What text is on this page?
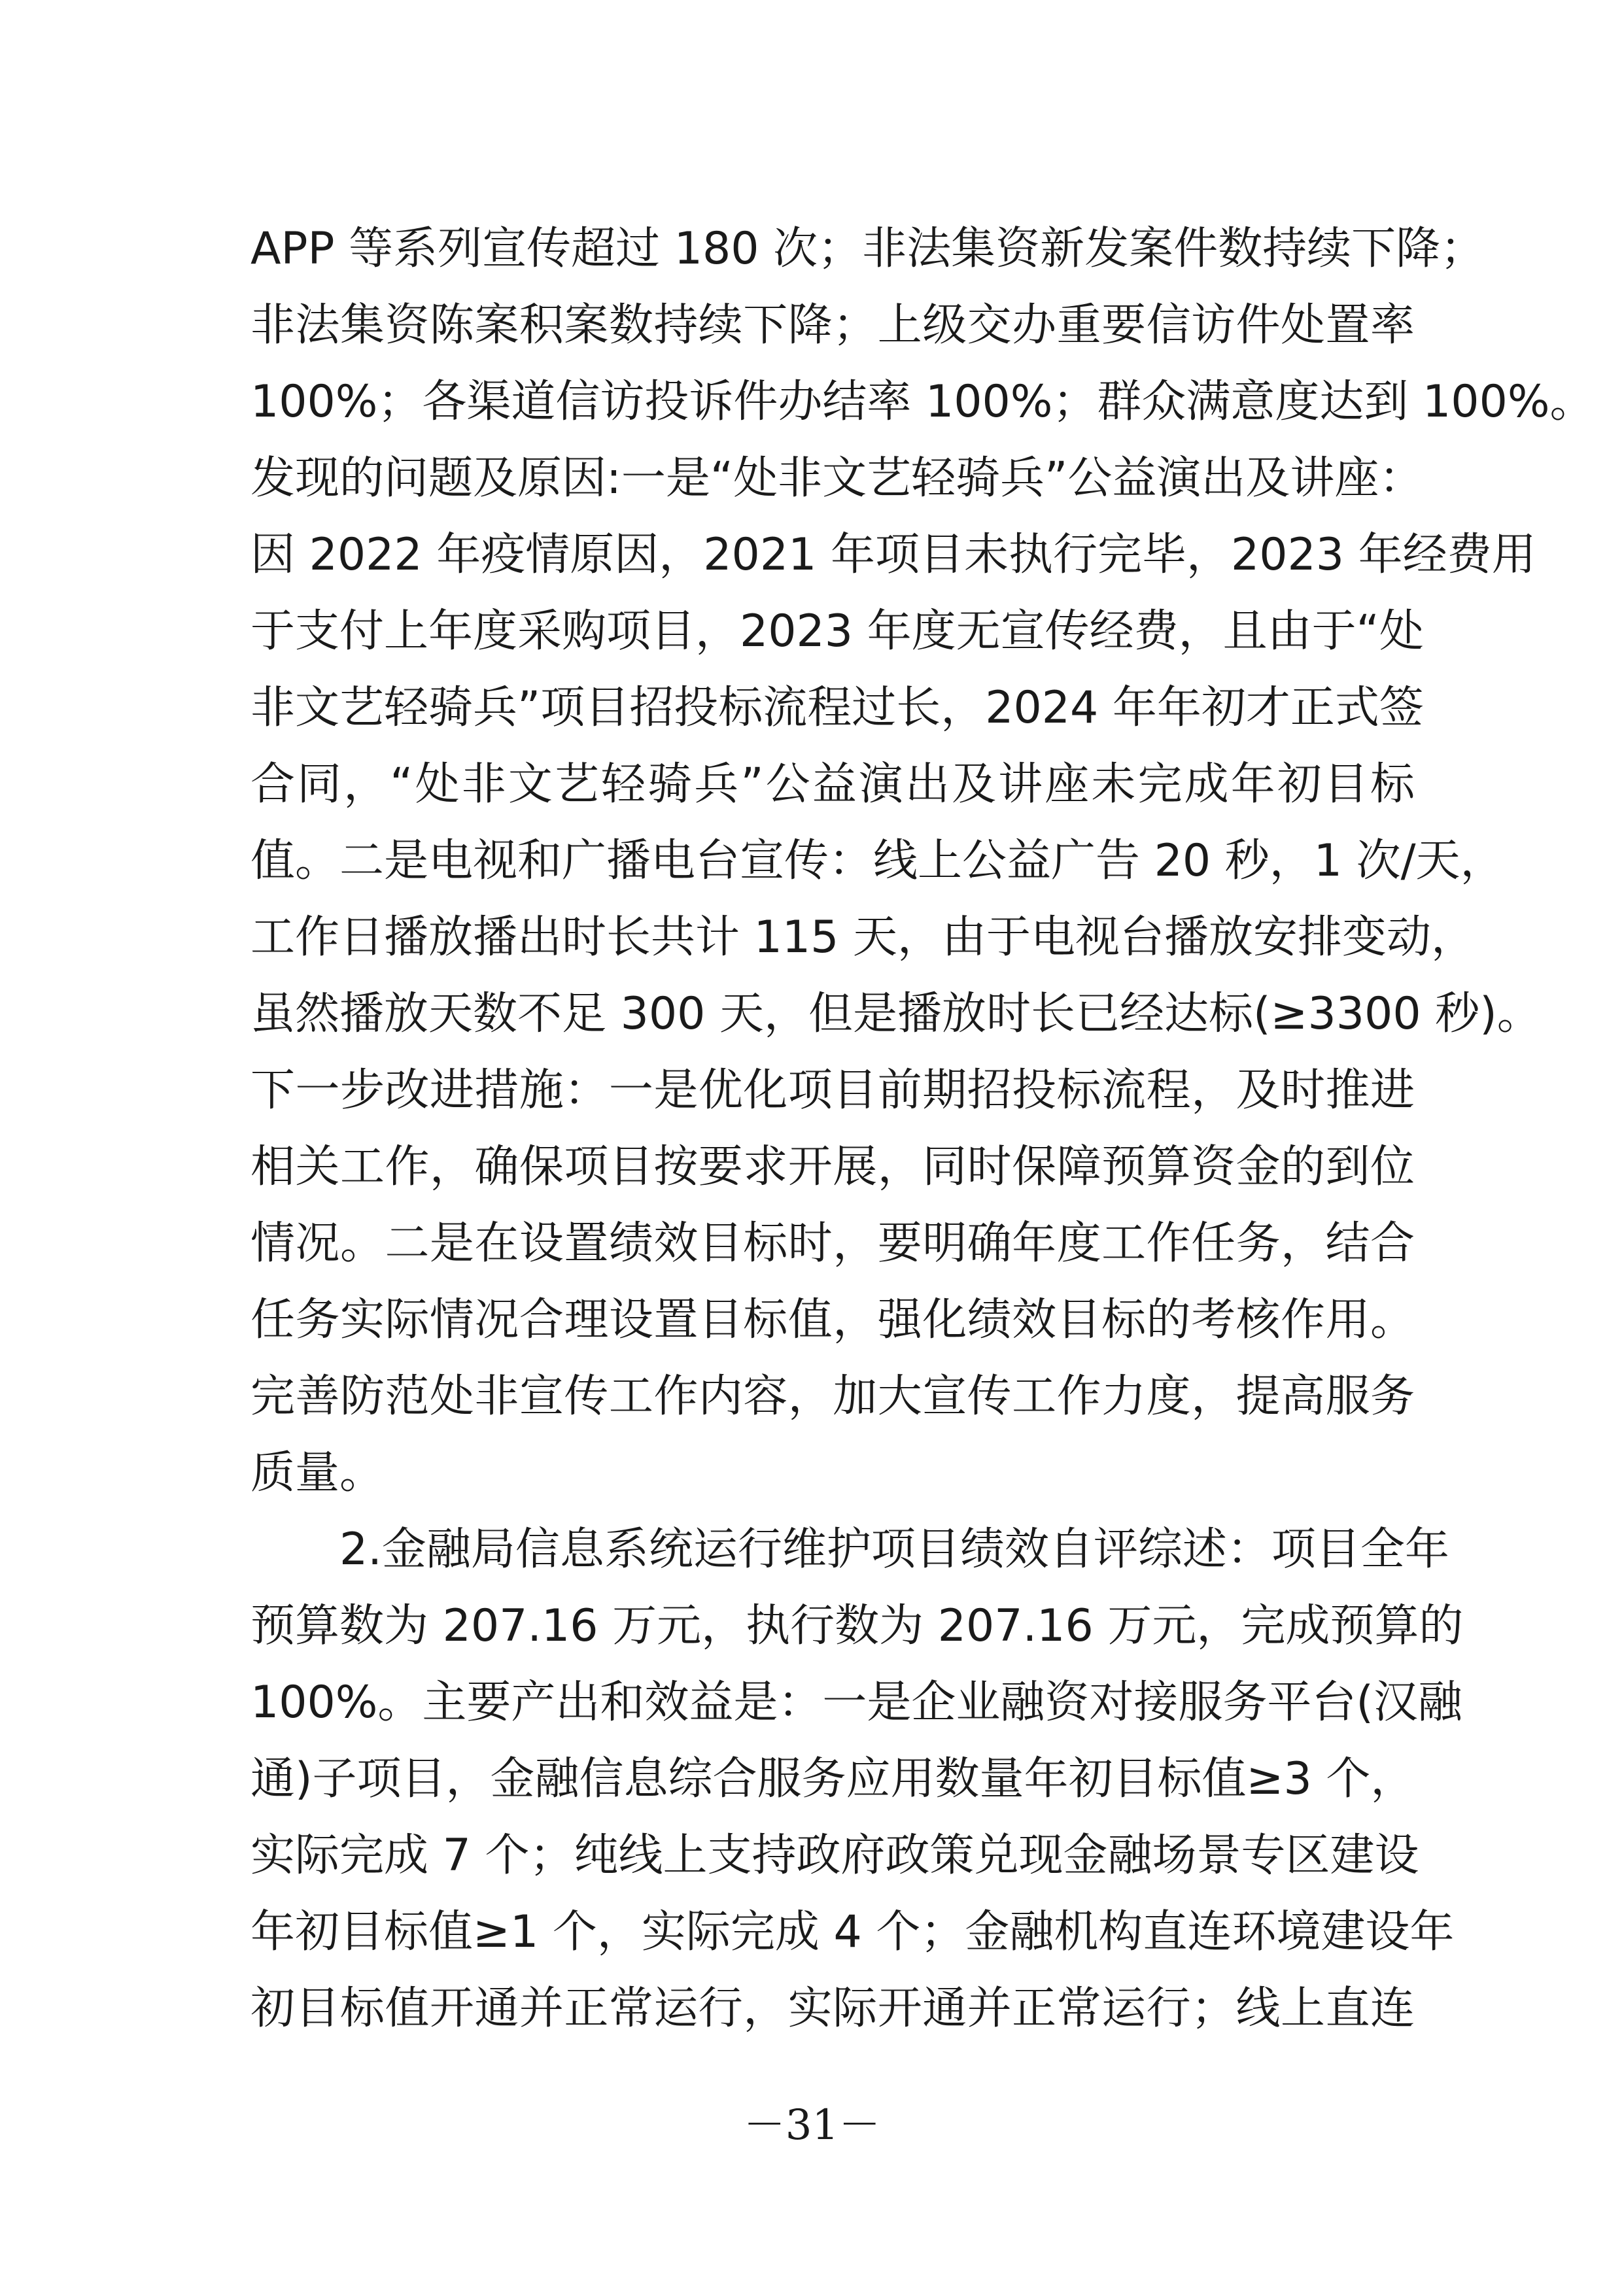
APP 等系列宣传超过 180 次；非法集资新发案件数持续下降；
非法集资陈案积案数持续下降；上级交办重要信访件处置率
100%；各渠道信访投诉件办结率 100%；群众满意度达到 100%。
发现的问题及原因:一是“处非文艺轻骑兵”公益演出及讲座：
因 2022 年疫情原因，2021 年项目未执行完毕，2023 年经费用
于支付上年度采购项目，2023 年度无宣传经费，且由于“处
非文艺轻骑兵”项目招投标流程过长，2024 年年初才正式签
合同，“处非文艺轻骑兵”公益演出及讲座未完成年初目标
值。二是电视和广播电台宣传：线上公益广告 20 秒，1 次/天，
工作日播放播出时长共计 115 天，由于电视台播放安排变动，
虽然播放天数不足 300 天，但是播放时长已经达标(≥3300 秒)。
下一步改进措施：一是优化项目前期招投标流程，及时推进
相关工作，确保项目按要求开展，同时保障预算资金的到位
情况。二是在设置绩效目标时，要明确年度工作任务，结合
任务实际情况合理设置目标值，强化绩效目标的考核作用。
完善防范处非宣传工作内容，加大宣传工作力度，提高服务
质量。
2.金融局信息系统运行维护项目绩效自评综述：项目全年
预算数为 207.16 万元，执行数为 207.16 万元，完成预算的
100%。主要产出和效益是：一是企业融资对接服务平台(汉融
通)子项目，金融信息综合服务应用数量年初目标值≥3 个，
实际完成 7 个；纯线上支持政府政策兑现金融场景专区建设
年初目标值≥1 个，实际完成 4 个；金融机构直连环境建设年
初目标值开通并正常运行，实际开通并正常运行；线上直连
－31－
